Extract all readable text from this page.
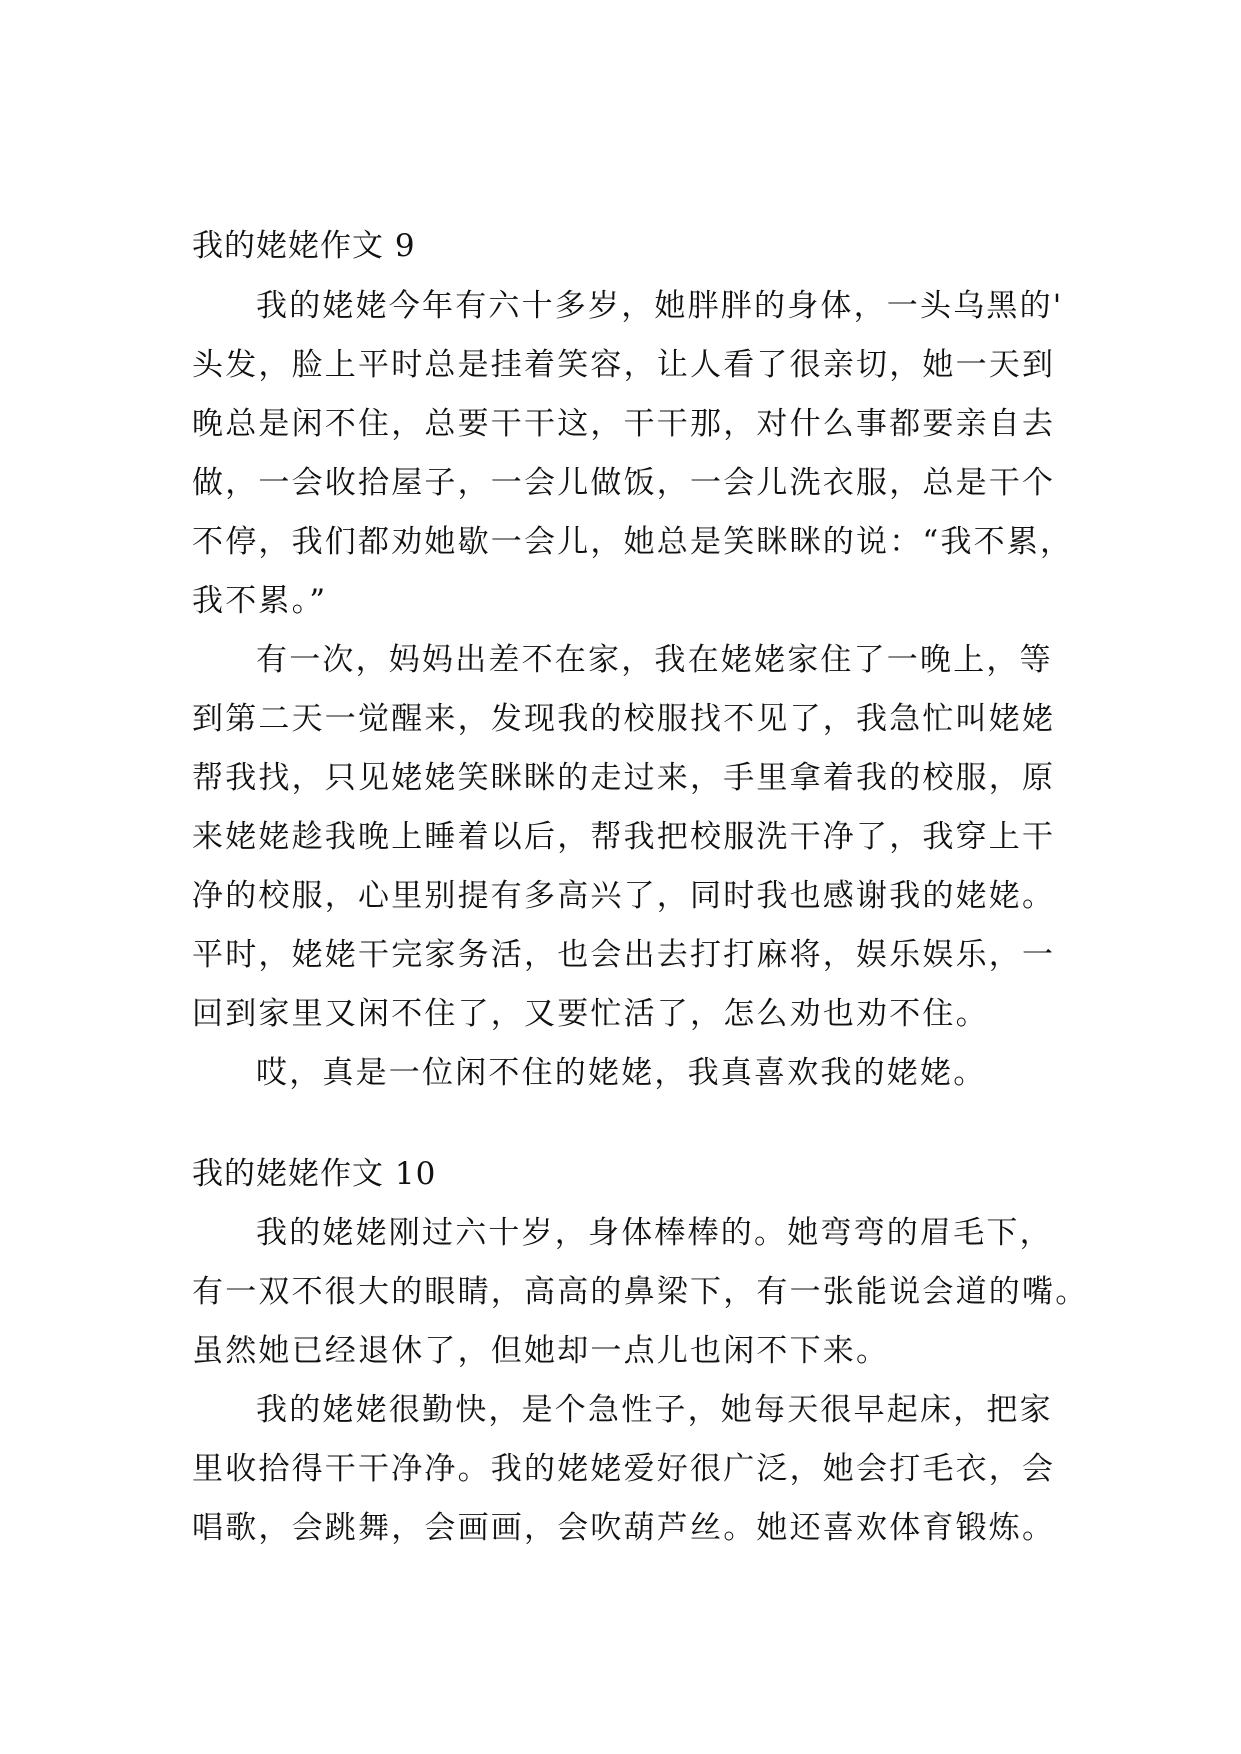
我的姥姥作文 9
我的姥姥今年有六十多岁，她胖胖的身体，一头乌黑的'
头发，脸上平时总是挂着笑容，让人看了很亲切，她一天到
晚总是闲不住，总要干干这，干干那，对什么事都要亲自去
做，一会收拾屋子，一会儿做饭，一会儿洗衣服，总是干个
不停，我们都劝她歇一会儿，她总是笑眯眯的说：“我不累，
我不累。”
有一次，妈妈出差不在家，我在姥姥家住了一晚上，等
到第二天一觉醒来，发现我的校服找不见了，我急忙叫姥姥
帮我找，只见姥姥笑眯眯的走过来，手里拿着我的校服，原
来姥姥趁我晚上睡着以后，帮我把校服洗干净了，我穿上干
净的校服，心里别提有多高兴了，同时我也感谢我的姥姥。
平时，姥姥干完家务活，也会出去打打麻将，娱乐娱乐，一
回到家里又闲不住了，又要忙活了，怎么劝也劝不住。
哎，真是一位闲不住的姥姥，我真喜欢我的姥姥。
我的姥姥作文 10
我的姥姥刚过六十岁，身体棒棒的。她弯弯的眉毛下，
有一双不很大的眼睛，高高的鼻梁下，有一张能说会道的嘴。
虽然她已经退休了，但她却一点儿也闲不下来。
我的姥姥很勤快，是个急性子，她每天很早起床，把家
里收拾得干干净净。我的姥姥爱好很广泛，她会打毛衣，会
唱歌，会跳舞，会画画，会吹葫芦丝。她还喜欢体育锻炼。
